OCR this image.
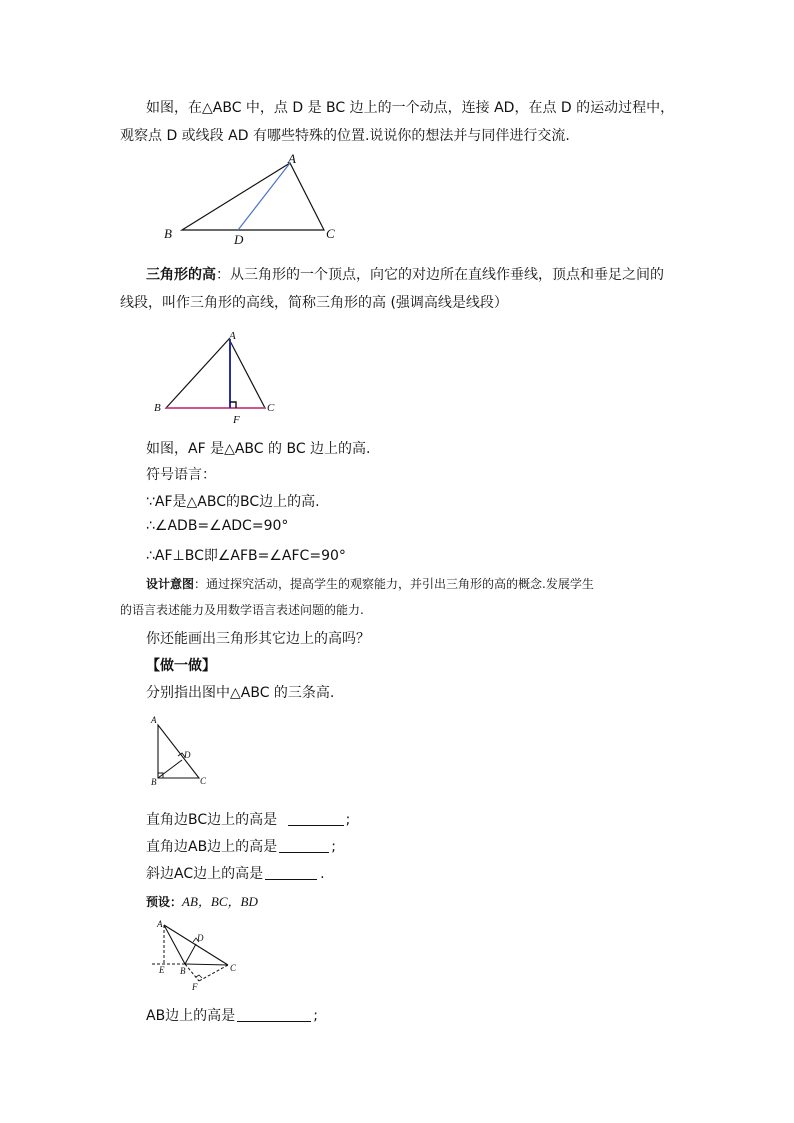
如图，在△ABC 中，点 D 是 BC 边上的一个动点，连接 AD，在点 D 的运动过程中，
观察点 D 或线段 AD 有哪些特殊的位置.说说你的想法并与同伴进行交流.
A
B	C
D
三角形的高：从三角形的一个顶点，向它的对边所在直线作垂线，顶点和垂足之间的
线段，叫作三角形的高线，简称三角形的高 (强调高线是线段）
A
B	C
F
如图，AF 是△ABC 的 BC 边上的高.
符号语言：
∵AF是△ABC的BC边上的高.
∴∠ADB=∠ADC=90°
∴AF⊥BC即∠AFB=∠AFC=90°
设计意图：通过探究活动，提高学生的观察能力，并引出三角形的高的概念.发展学生
的语言表述能力及用数学语言表述问题的能力.
你还能画出三角形其它边上的高吗？
【做一做】
分别指出图中△ABC 的三条高.
A
B	C
D
直角边BC边上的高是	;
直角边AB边上的高是	;
斜边AC边上的高是	.
预设：AB，BC，BD
A
D
E B	C
F
AB边上的高是	;
